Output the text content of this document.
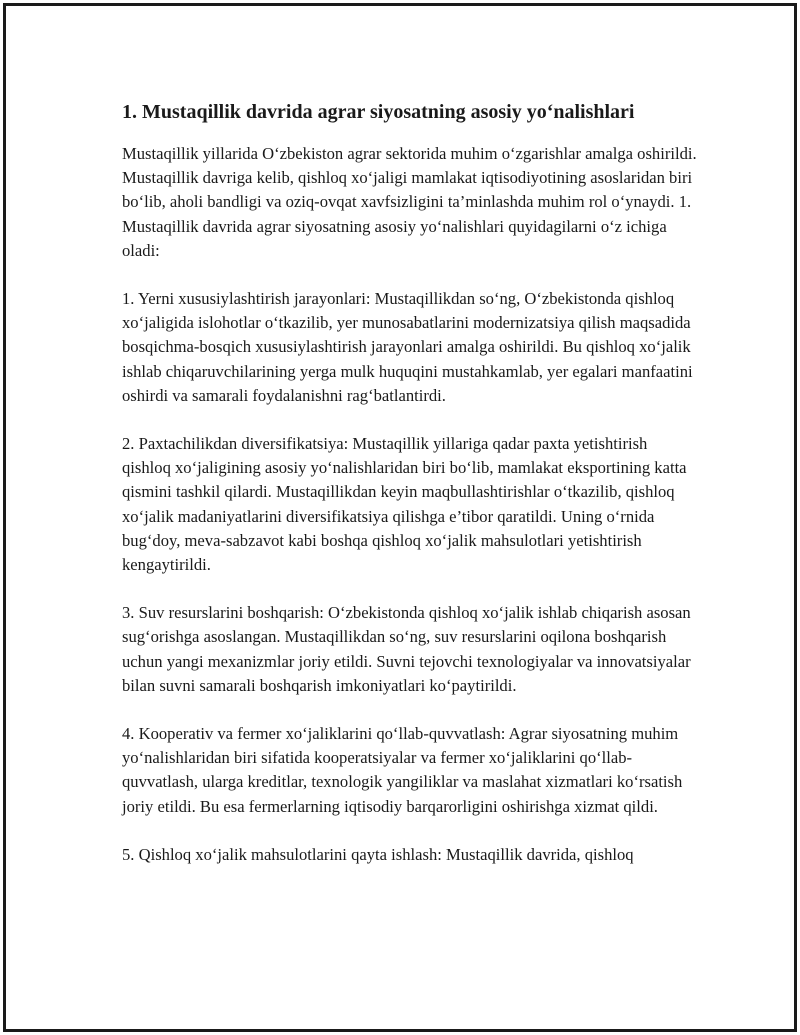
1. Mustaqillik davrida agrar siyosatning asosiy yo‘nalishlari

Mustaqillik yillarida O‘zbekiston agrar sektorida muhim o‘zgarishlar amalga oshirildi. Mustaqillik davriga kelib, qishloq xo‘jaligi mamlakat iqtisodiyotining asoslaridan biri bo‘lib, aholi bandligi va oziq-ovqat xavfsizligini ta’minlashda muhim rol o‘ynaydi. 1. Mustaqillik davrida agrar siyosatning asosiy yo‘nalishlari quyidagilarni o‘z ichiga oladi:

1. Yerni xususiylashtirish jarayonlari: Mustaqillikdan so‘ng, O‘zbekistonda qishloq xo‘jaligida islohotlar o‘tkazilib, yer munosabatlarini modernizatsiya qilish maqsadida bosqichma-bosqich xususiylashtirish jarayonlari amalga oshirildi. Bu qishloq xo‘jalik ishlab chiqaruvchilarining yerga mulk huquqini mustahkamlab, yer egalari manfaatini oshirdi va samarali foydalanishni rag‘batlantirdi.

2. Paxtachilikdan diversifikatsiya: Mustaqillik yillariga qadar paxta yetishtirish qishloq xo‘jaligining asosiy yo‘nalishlaridan biri bo‘lib, mamlakat eksportining katta qismini tashkil qilardi. Mustaqillikdan keyin maqbullashtirishlar o‘tkazilib, qishloq xo‘jalik madaniyatlarini diversifikatsiya qilishga e’tibor qaratildi. Uning o‘rnida bug‘doy, meva-sabzavot kabi boshqa qishloq xo‘jalik mahsulotlari yetishtirish kengaytirildi.

3. Suv resurslarini boshqarish: O‘zbekistonda qishloq xo‘jalik ishlab chiqarish asosan sug‘orishga asoslangan. Mustaqillikdan so‘ng, suv resurslarini oqilona boshqarish uchun yangi mexanizmlar joriy etildi. Suvni tejovchi texnologiyalar va innovatsiyalar bilan suvni samarali boshqarish imkoniyatlari ko‘paytirildi.

4. Kooperativ va fermer xo‘jaliklarini qo‘llab-quvvatlash: Agrar siyosatning muhim yo‘nalishlaridan biri sifatida kooperatsiyalar va fermer xo‘jaliklarini qo‘llab-quvvatlash, ularga kreditlar, texnologik yangiliklar va maslahat xizmatlari ko‘rsatish joriy etildi. Bu esa fermerlarning iqtisodiy barqarorligini oshirishga xizmat qildi.

5. Qishloq xo‘jalik mahsulotlarini qayta ishlash: Mustaqillik davrida, qishloq
